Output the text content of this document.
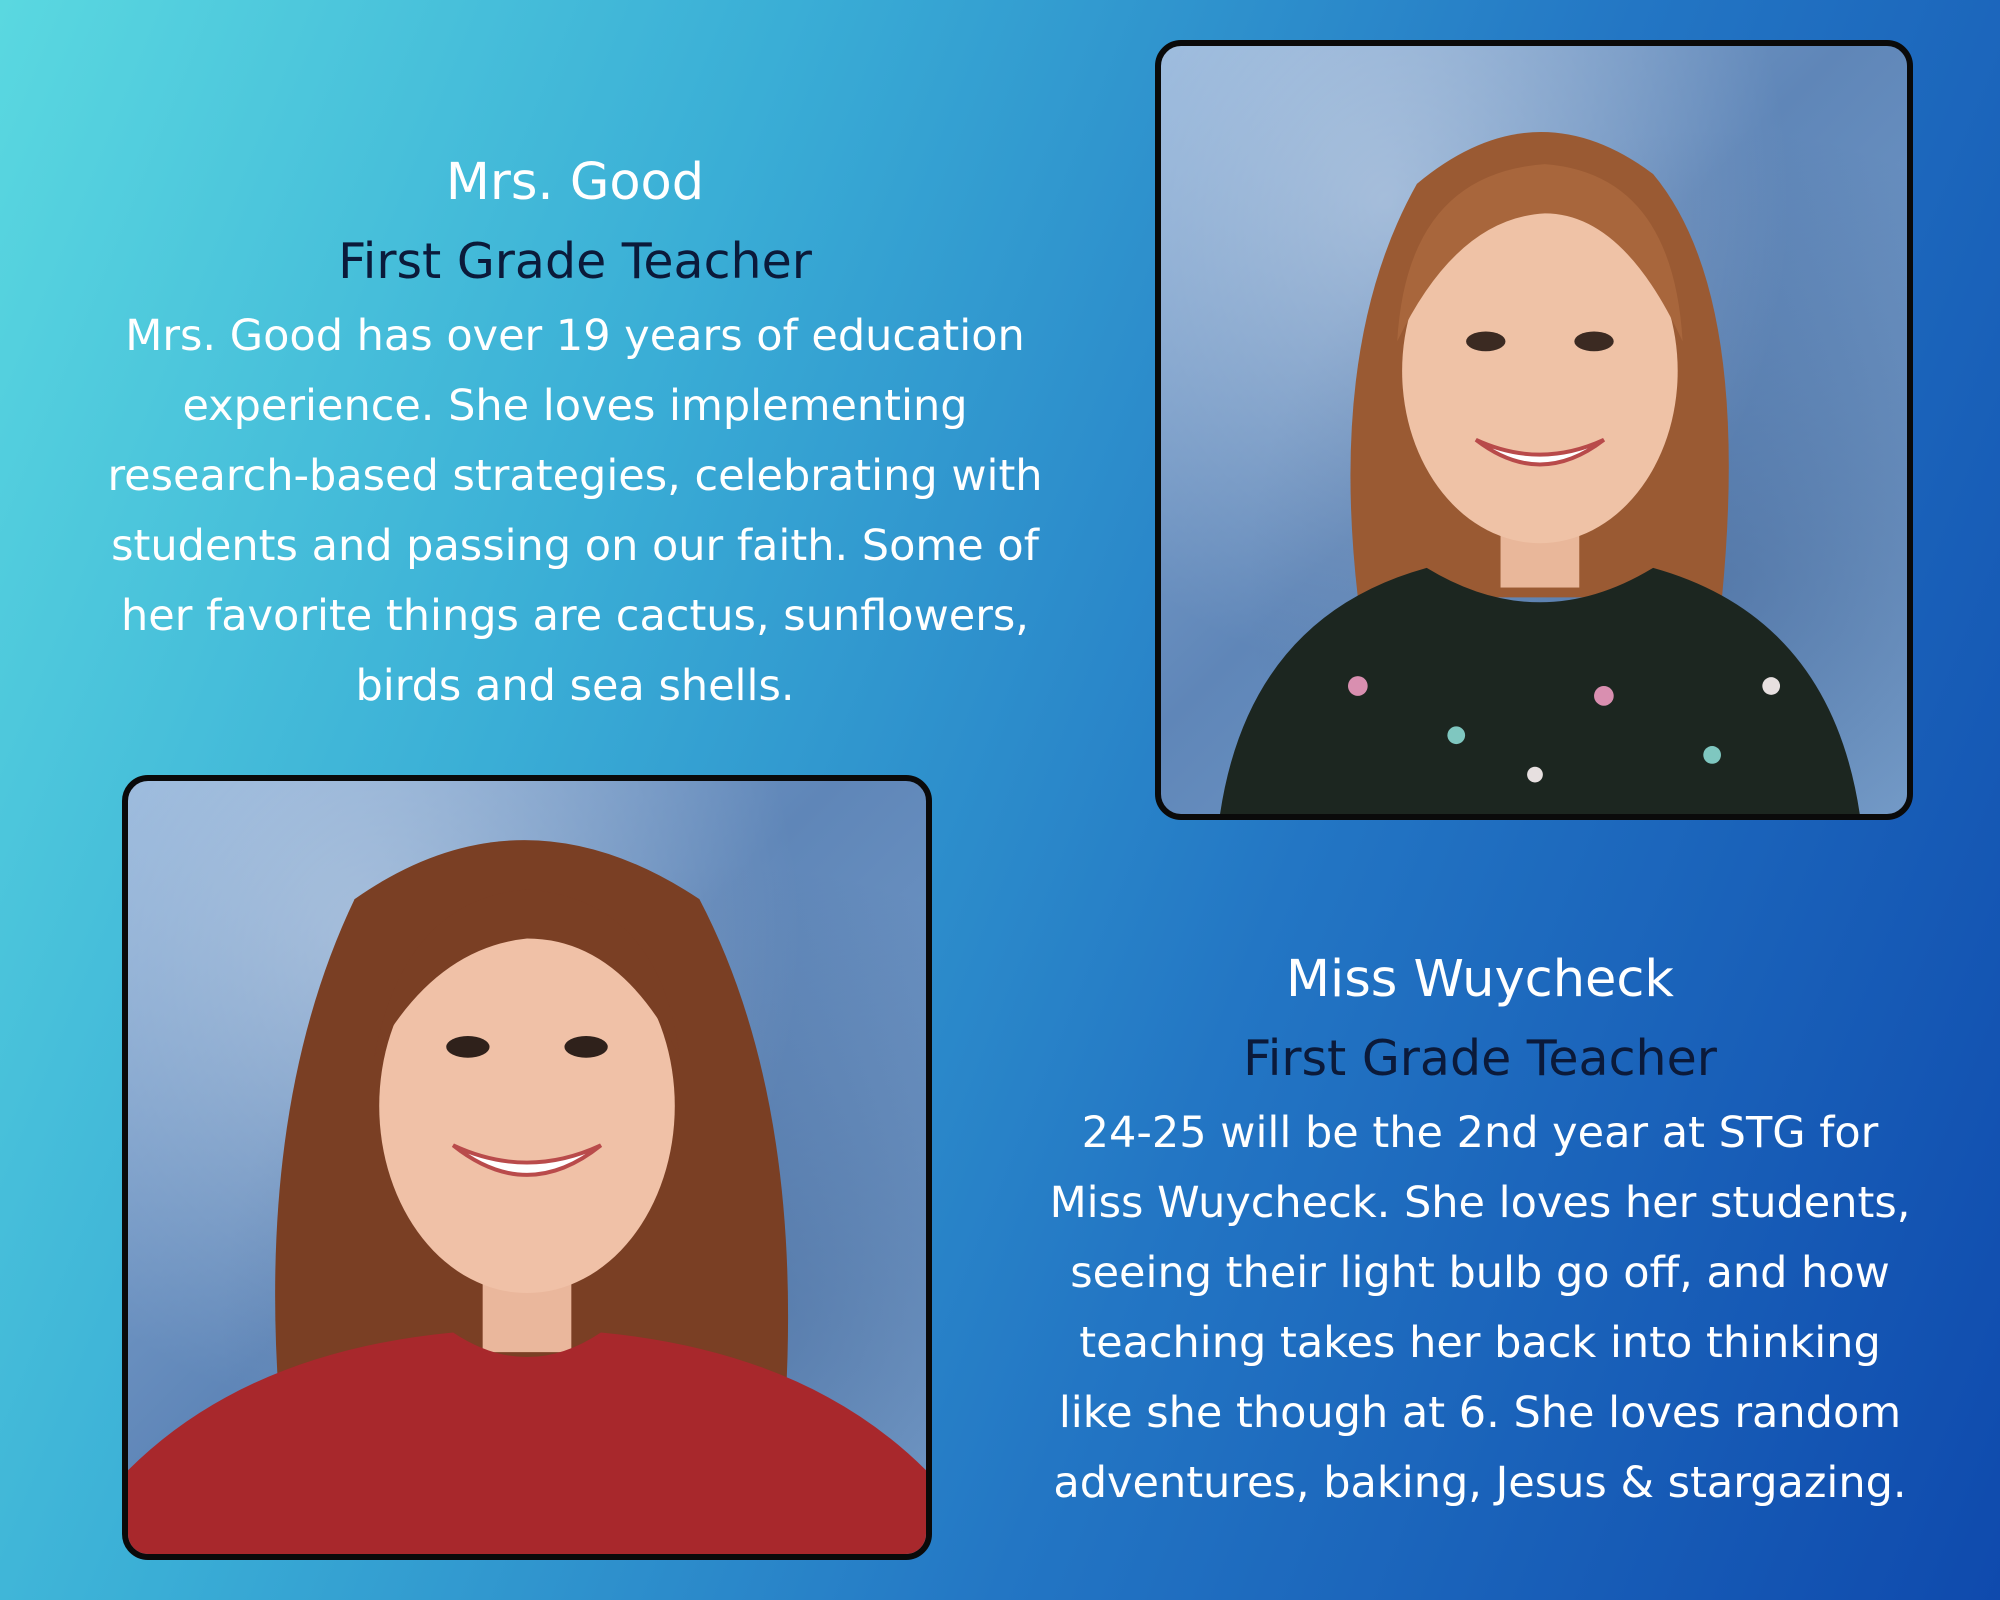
Mrs. Good
First Grade Teacher
Mrs. Good has over 19 years of education
experience. She loves implementing
research-based strategies, celebrating with
students and passing on our faith. Some of
her favorite things are cactus, sunflowers,
birds and sea shells.
Miss Wuycheck
First Grade Teacher
24-25 will be the 2nd year at STG for
Miss Wuycheck. She loves her students,
seeing their light bulb go off, and how
teaching takes her back into thinking
like she though at 6. She loves random
adventures, baking, Jesus & stargazing.
